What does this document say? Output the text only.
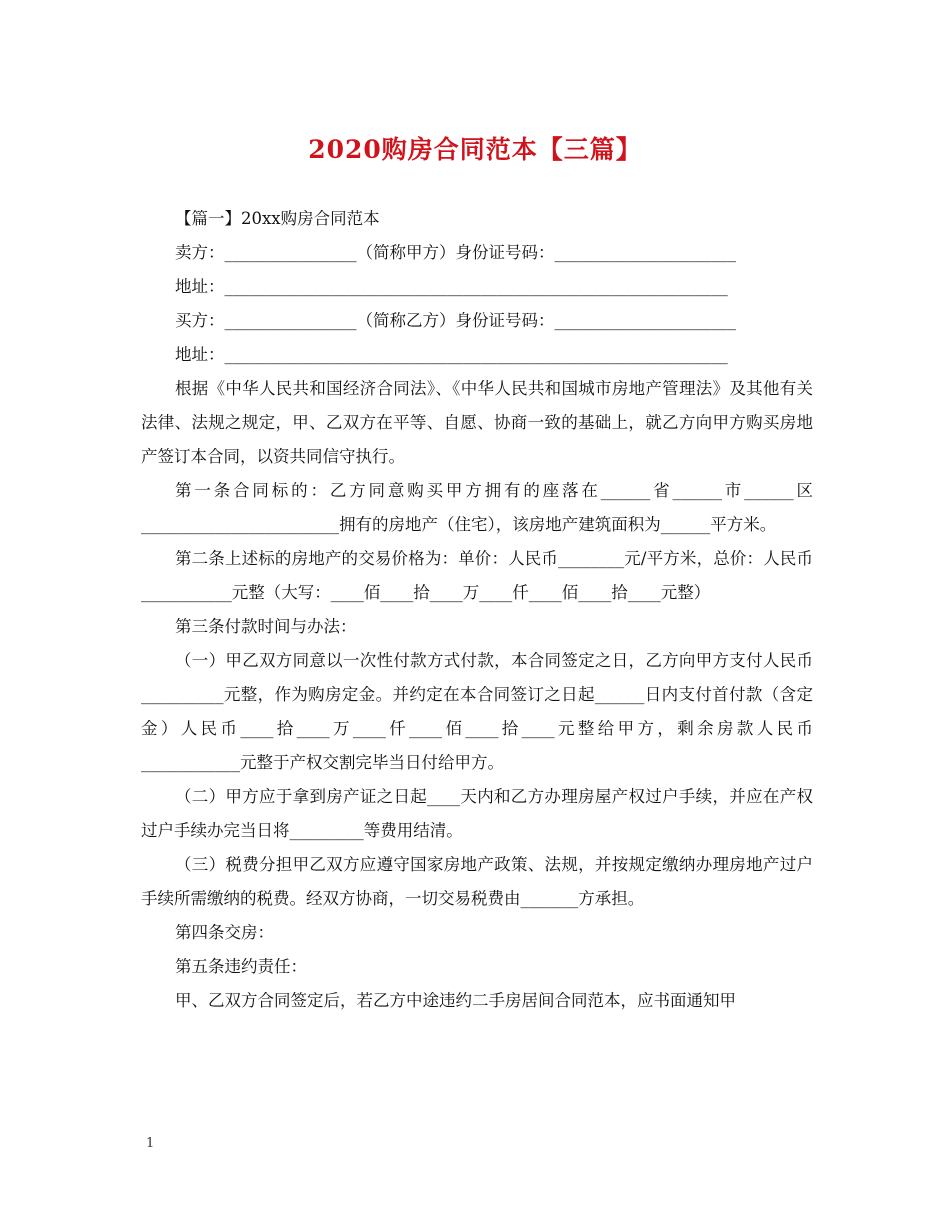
2020购房合同范本【三篇】

【篇一】20xx购房合同范本

卖方：________________（简称甲方）身份证号码：______________________

地址：_____________________________________________________________

买方：________________（简称乙方）身份证号码：______________________

地址：_____________________________________________________________

根据《中华人民共和国经济合同法》、《中华人民共和国城市房地产管理法》及其他有关法律、法规之规定，甲、乙双方在平等、自愿、协商一致的基础上，就乙方向甲方购买房地产签订本合同，以资共同信守执行。

第一条合同标的：乙方同意购买甲方拥有的座落在______省______市______区________________________拥有的房地产（住宅），该房地产建筑面积为______平方米。

第二条上述标的房地产的交易价格为：单价：人民币________元/平方米，总价：人民币___________元整（大写：____佰____拾____万____仟____佰____拾____元整）

第三条付款时间与办法：

（一）甲乙双方同意以一次性付款方式付款，本合同签定之日，乙方向甲方支付人民币__________元整，作为购房定金。并约定在本合同签订之日起______日内支付首付款（含定金）人民币____拾____万____仟____佰____拾____元整给甲方，剩余房款人民币____________元整于产权交割完毕当日付给甲方。

（二）甲方应于拿到房产证之日起____天内和乙方办理房屋产权过户手续，并应在产权过户手续办完当日将_________等费用结清。

（三）税费分担甲乙双方应遵守国家房地产政策、法规，并按规定缴纳办理房地产过户手续所需缴纳的税费。经双方协商，一切交易税费由_______方承担。

第四条交房：

第五条违约责任：

甲、乙双方合同签定后，若乙方中途违约二手房居间合同范本，应书面通知甲

1
